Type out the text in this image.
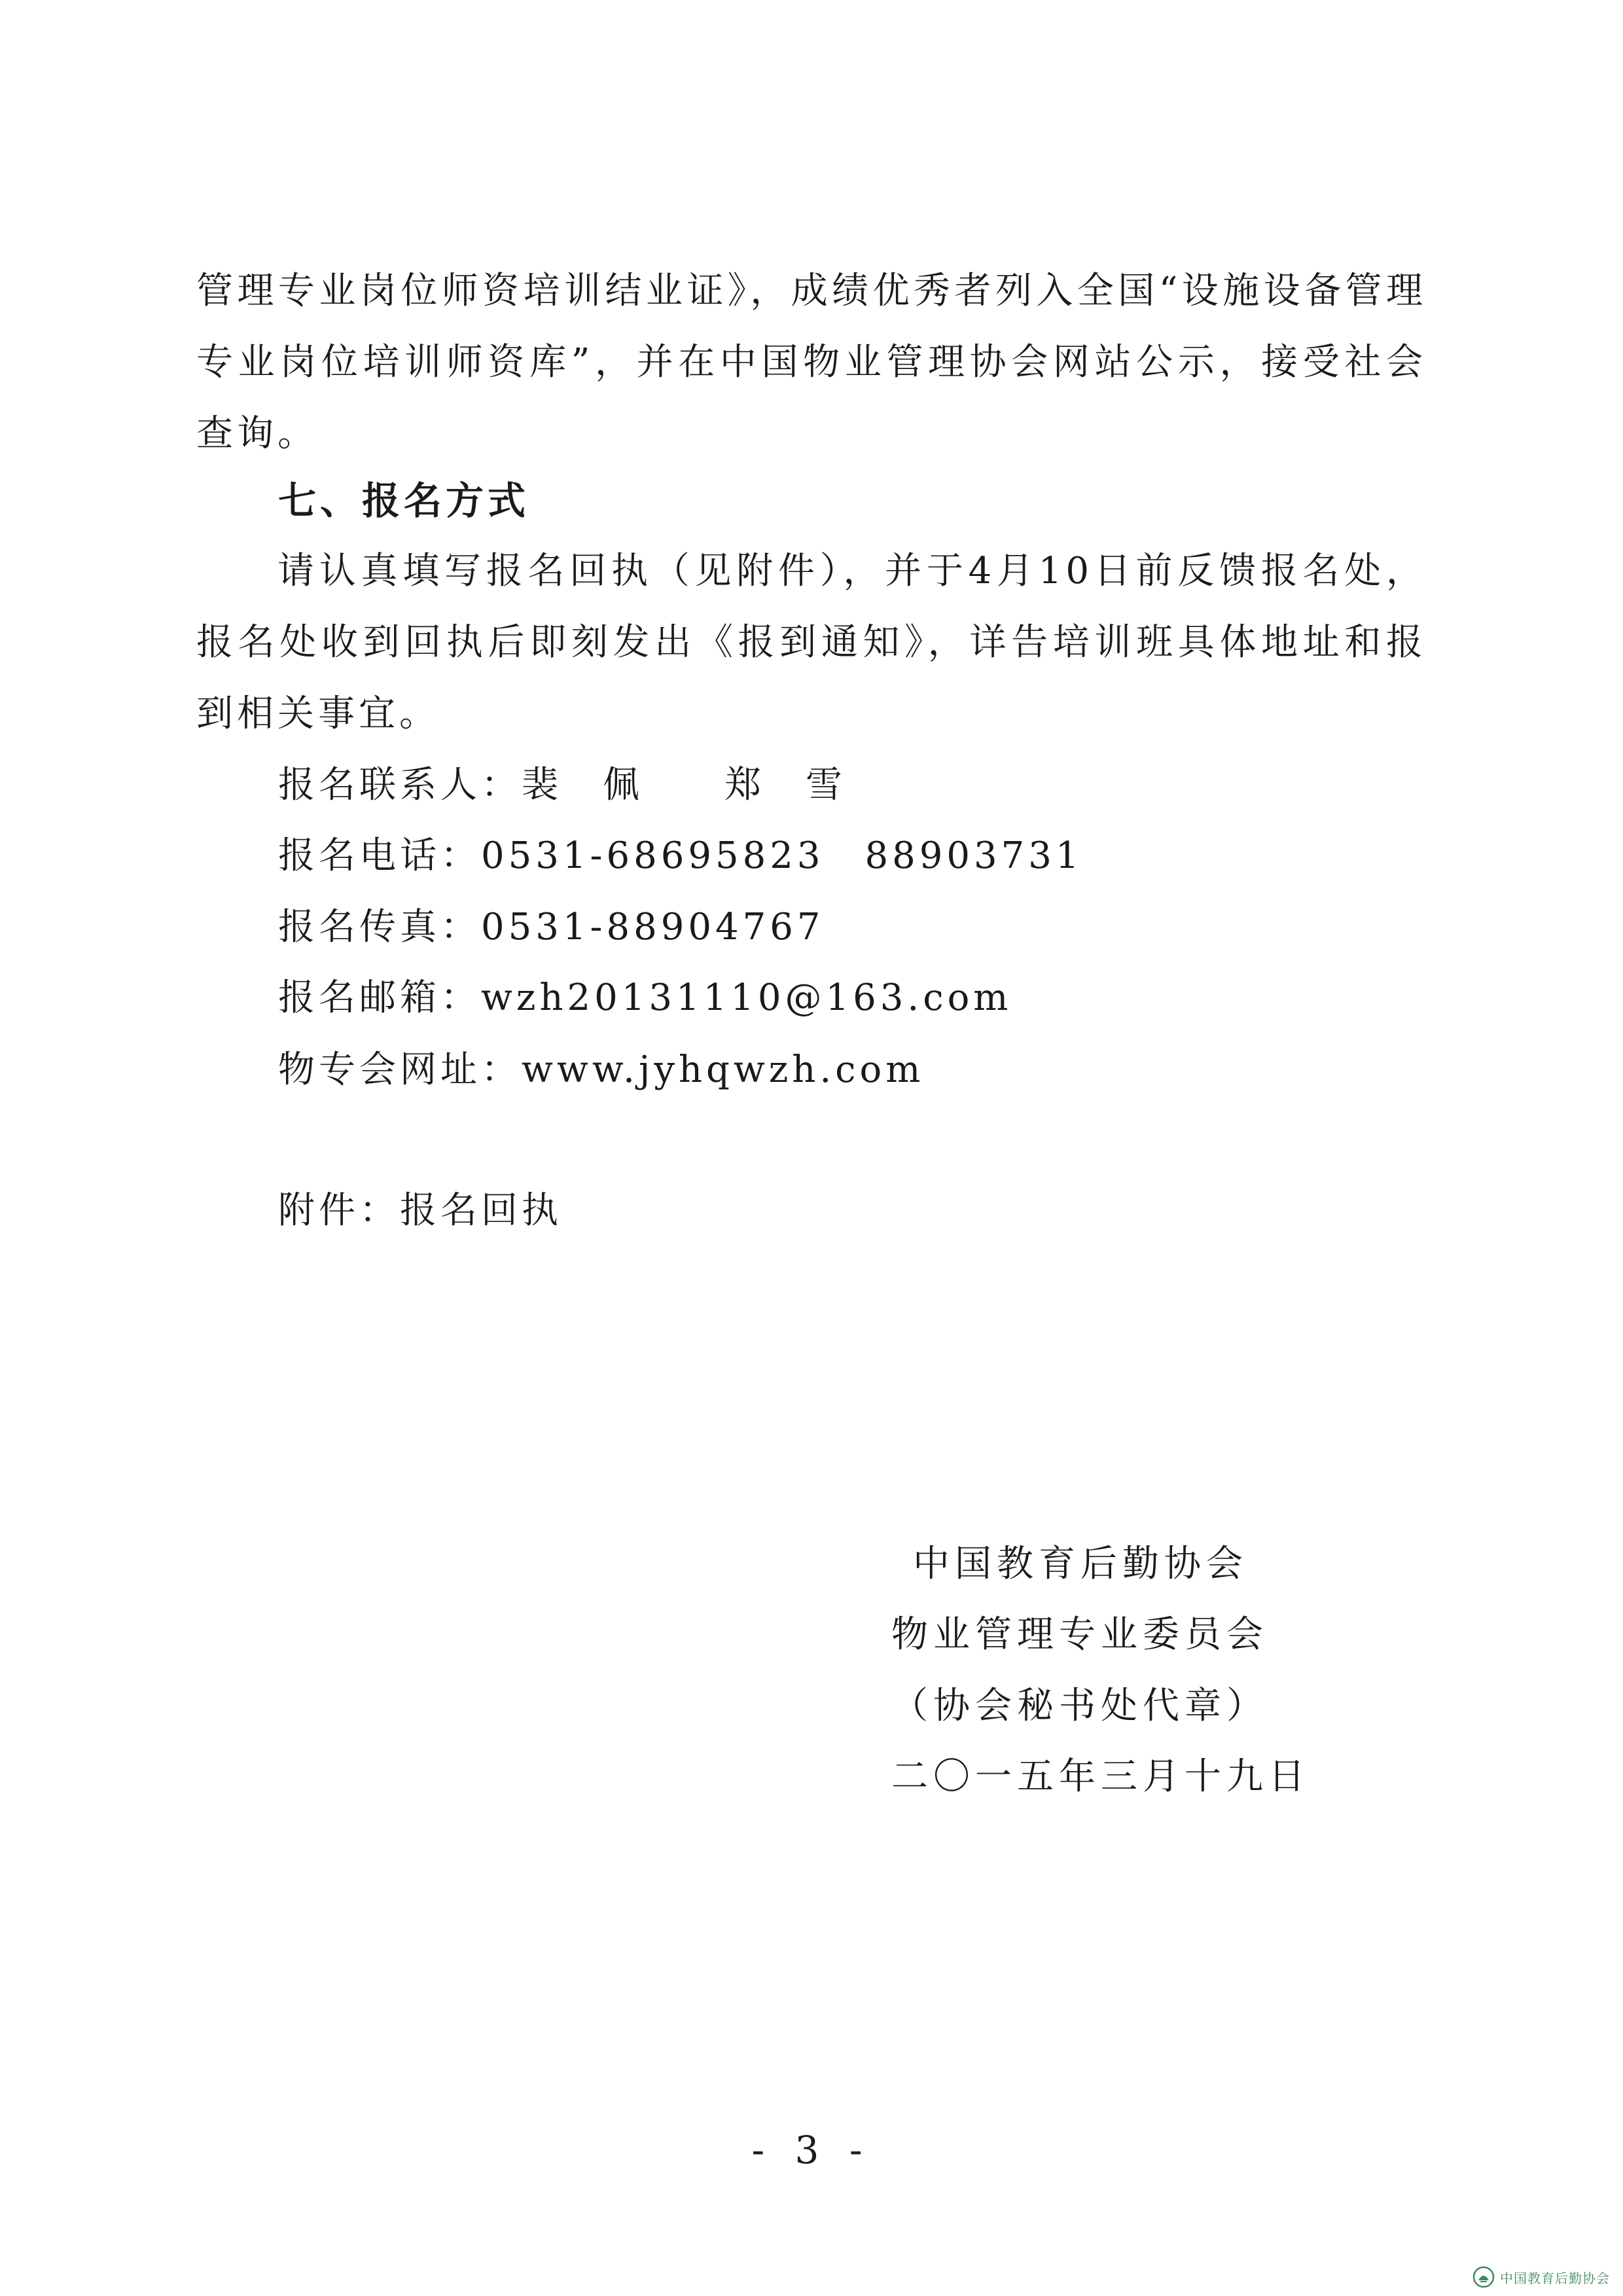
管理专业岗位师资培训结业证》，成绩优秀者列入全国“设施设备管理专业岗位培训师资库”，并在中国物业管理协会网站公示，接受社会查询。
七、报名方式
请认真填写报名回执（见附件），并于4月10日前反馈报名处，报名处收到回执后即刻发出《报到通知》，详告培训班具体地址和报到相关事宜。
报名联系人：裴　佩　　郑　雪
报名电话：0531-68695823　88903731
报名传真：0531-88904767
报名邮箱：wzh20131110@163.com
物专会网址：www.jyhqwzh.com
附件：报名回执
中国教育后勤协会
物业管理专业委员会
（协会秘书处代章）
二〇一五年三月十九日
- 3 -
中国教育后勤协会
